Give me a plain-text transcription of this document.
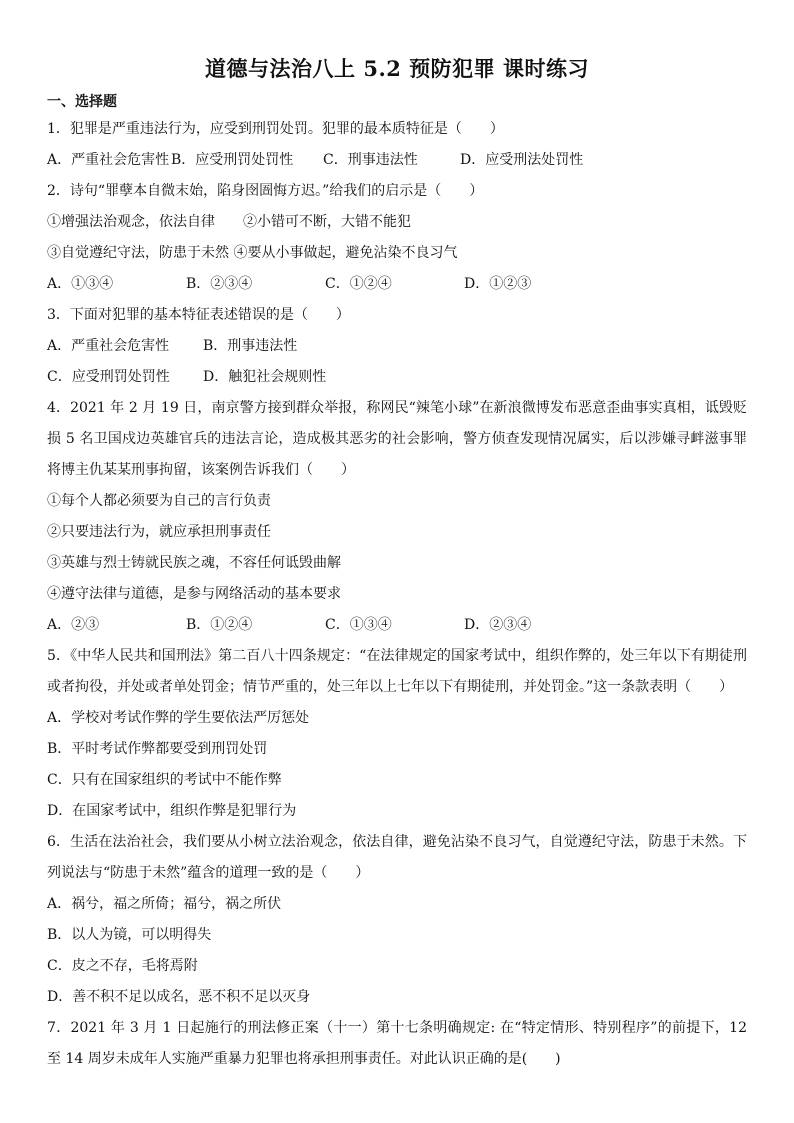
道德与法治八上 5.2 预防犯罪 课时练习
一、选择题
1．犯罪是严重违法行为，应受到刑罚处罚。犯罪的最本质特征是（　　）
A．严重社会危害性 B．应受刑罚处罚性 C．刑事违法性	D．应受刑法处罚性
2．诗句“罪孽本自微末始，陷身囹圄悔方迟。”给我们的启示是（　　）
①增强法治观念，依法自律　　②小错可不断，大错不能犯
③自觉遵纪守法，防患于未然 ④要从小事做起，避免沾染不良习气
A．①③④	B．②③④	C．①②④	D．①②③
3．下面对犯罪的基本特征表述错误的是（　　）
A．严重社会危害性 B．刑事违法性
C．应受刑罚处罚性 D．触犯社会规则性
4．2021 年 2 月 19 日，南京警方接到群众举报，称网民“辣笔小球”在新浪微博发布恶意歪曲事实真相，诋毁贬损 5 名卫国戍边英雄官兵的违法言论，造成极其恶劣的社会影响，警方侦查发现情况属实，后以涉嫌寻衅滋事罪将博主仇某某刑事拘留，该案例告诉我们（　　）
①每个人都必须要为自己的言行负责
②只要违法行为，就应承担刑事责任
③英雄与烈士铸就民族之魂，不容任何诋毁曲解
④遵守法律与道德，是参与网络活动的基本要求
A．②③	B．①②④	C．①③④	D．②③④
5．《中华人民共和国刑法》第二百八十四条规定：“在法律规定的国家考试中，组织作弊的，处三年以下有期徒刑或者拘役，并处或者单处罚金；情节严重的，处三年以上七年以下有期徒刑，并处罚金。”这一条款表明（　　）
A．学校对考试作弊的学生要依法严厉惩处
B．平时考试作弊都要受到刑罚处罚
C．只有在国家组织的考试中不能作弊
D．在国家考试中，组织作弊是犯罪行为
6．生活在法治社会，我们要从小树立法治观念，依法自律，避免沾染不良习气，自觉遵纪守法，防患于未然。下列说法与“防患于未然”蕴含的道理一致的是（　　）
A．祸兮，福之所倚；福兮，祸之所伏
B．以人为镜，可以明得失
C．皮之不存，毛将焉附
D．善不积不足以成名，恶不积不足以灭身
7．2021 年 3 月 1 日起施行的刑法修正案（十一）第十七条明确规定: 在“特定情形、特别程序”的前提下，12 至 14 周岁未成年人实施严重暴力犯罪也将承担刑事责任。对此认识正确的是(　　)
